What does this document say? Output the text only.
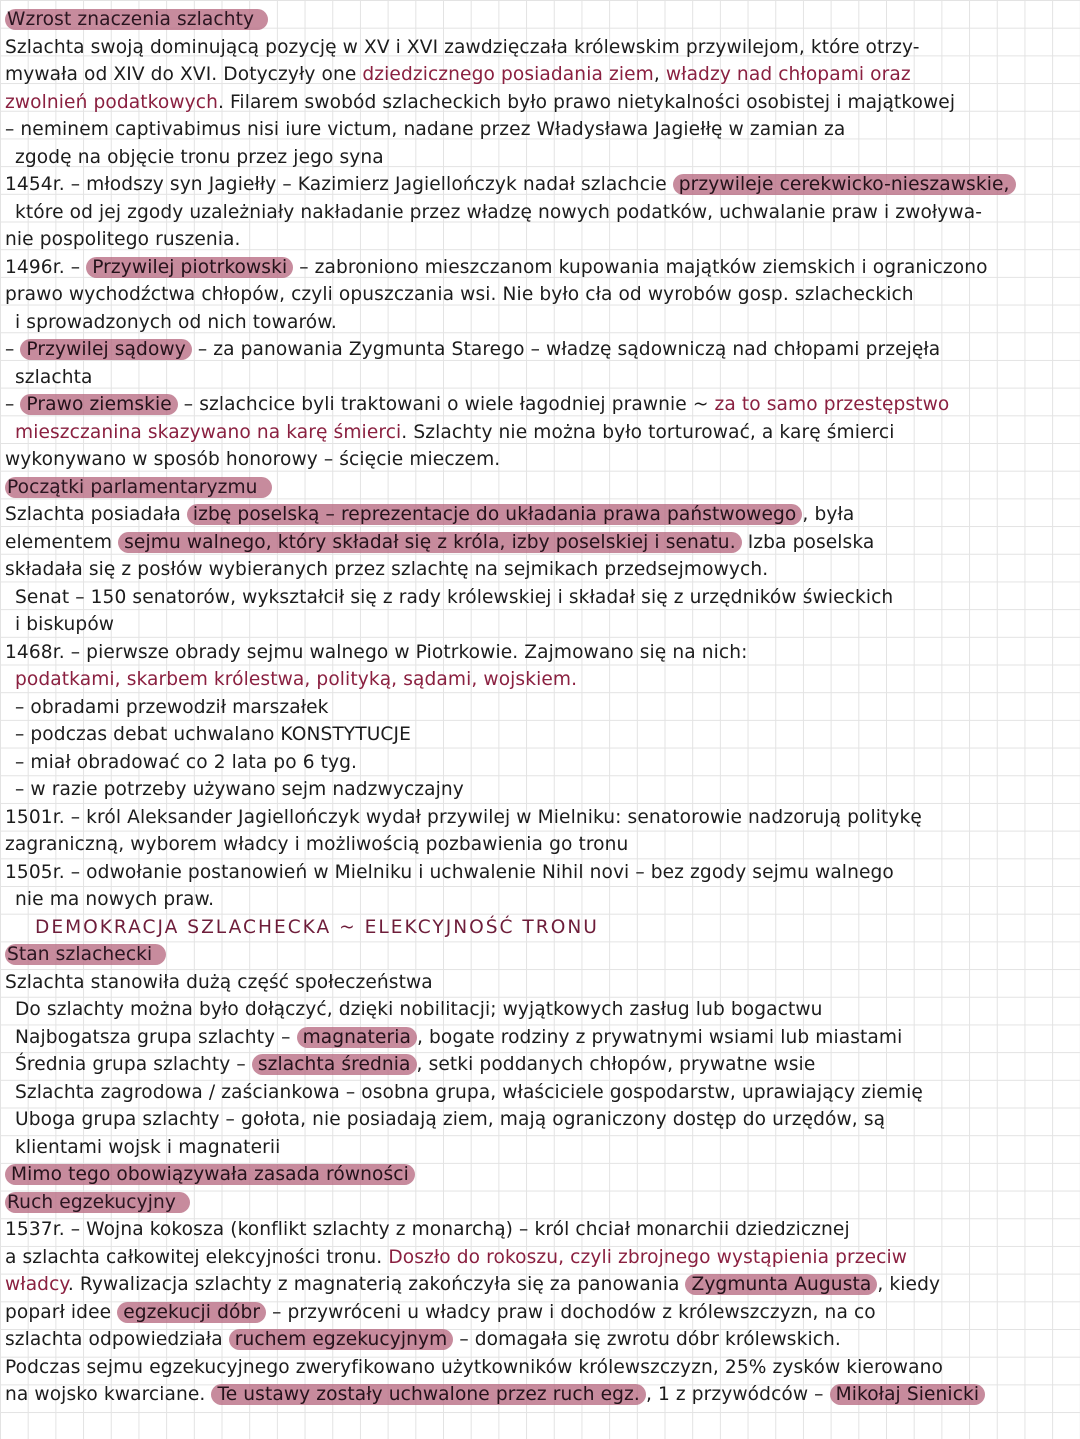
Wzrost znaczenia szlachty
Szlachta swoją dominującą pozycję w XV i XVI zawdzięczała królewskim przywilejom, które otrzy-
mywała od XIV do XVI. Dotyczyły one dziedzicznego posiadania ziem, władzy nad chłopami oraz
zwolnień podatkowych. Filarem swobód szlacheckich było prawo nietykalności osobistej i majątkowej
– neminem captivabimus nisi iure victum, nadane przez Władysława Jagiełłę w zamian za
zgodę na objęcie tronu przez jego syna
1454r. – młodszy syn Jagiełły – Kazimierz Jagiellończyk nadał szlachcie przywileje cerekwicko-nieszawskie,
które od jej zgody uzależniały nakładanie przez władzę nowych podatków, uchwalanie praw i zwoływa-
nie pospolitego ruszenia.
1496r. – Przywilej piotrkowski – zabroniono mieszczanom kupowania majątków ziemskich i ograniczono
prawo wychodźctwa chłopów, czyli opuszczania wsi. Nie było cła od wyrobów gosp. szlacheckich
i sprowadzonych od nich towarów.
– Przywilej sądowy – za panowania Zygmunta Starego – władzę sądowniczą nad chłopami przejęła
szlachta
– Prawo ziemskie – szlachcice byli traktowani o wiele łagodniej prawnie ~ za to samo przestępstwo
mieszczanina skazywano na karę śmierci. Szlachty nie można było torturować, a karę śmierci
wykonywano w sposób honorowy – ścięcie mieczem.
Początki parlamentaryzmu
Szlachta posiadała izbę poselską – reprezentacje do układania prawa państwowego , była
elementem sejmu walnego, który składał się z króla, izby poselskiej i senatu. Izba poselska
składała się z posłów wybieranych przez szlachtę na sejmikach przedsejmowych.
Senat – 150 senatorów, wykształcił się z rady królewskiej i składał się z urzędników świeckich
i biskupów
1468r. – pierwsze obrady sejmu walnego w Piotrkowie. Zajmowano się na nich:
podatkami, skarbem królestwa, polityką, sądami, wojskiem.
– obradami przewodził marszałek
– podczas debat uchwalano KONSTYTUCJE
– miał obradować co 2 lata po 6 tyg.
– w razie potrzeby używano sejm nadzwyczajny
1501r. – król Aleksander Jagiellończyk wydał przywilej w Mielniku: senatorowie nadzorują politykę
zagraniczną, wyborem władcy i możliwością pozbawienia go tronu
1505r. – odwołanie postanowień w Mielniku i uchwalenie Nihil novi – bez zgody sejmu walnego
nie ma nowych praw.
DEMOKRACJA SZLACHECKA ~ ELEKCYJNOŚĆ TRONU
Stan szlachecki
Szlachta stanowiła dużą część społeczeństwa
Do szlachty można było dołączyć, dzięki nobilitacji; wyjątkowych zasług lub bogactwu
Najbogatsza grupa szlachty – magnateria , bogate rodziny z prywatnymi wsiami lub miastami
Średnia grupa szlachty – szlachta średnia , setki poddanych chłopów, prywatne wsie
Szlachta zagrodowa / zaściankowa – osobna grupa, właściciele gospodarstw, uprawiający ziemię
Uboga grupa szlachty – gołota, nie posiadają ziem, mają ograniczony dostęp do urzędów, są
klientami wojsk i magnaterii
Mimo tego obowiązywała zasada równości
Ruch egzekucyjny
1537r. – Wojna kokosza (konflikt szlachty z monarchą) – król chciał monarchii dziedzicznej
a szlachta całkowitej elekcyjności tronu. Doszło do rokoszu, czyli zbrojnego wystąpienia przeciw
władcy. Rywalizacja szlachty z magnaterią zakończyła się za panowania Zygmunta Augusta , kiedy
poparł idee egzekucji dóbr – przywróceni u władcy praw i dochodów z królewszczyzn, na co
szlachta odpowiedziała ruchem egzekucyjnym – domagała się zwrotu dóbr królewskich.
Podczas sejmu egzekucyjnego zweryfikowano użytkowników królewszczyzn, 25% zysków kierowano
na wojsko kwarciane. Te ustawy zostały uchwalone przez ruch egz. , 1 z przywódców – Mikołaj Sienicki
